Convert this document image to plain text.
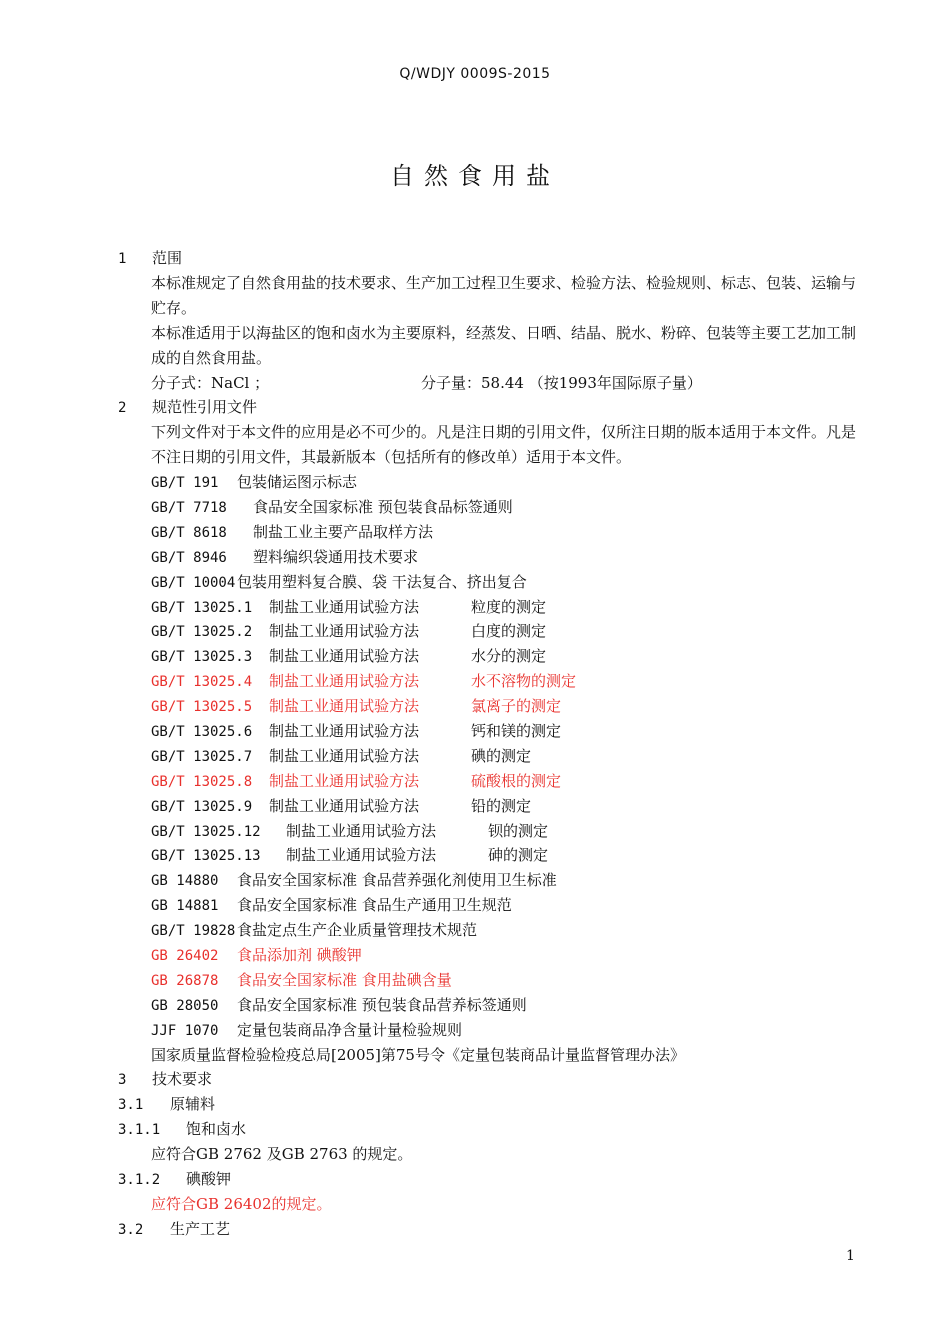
Q/WDJY 0009S-2015
自然食用盐
1 范围
本标准规定了自然食用盐的技术要求、生产加工过程卫生要求、检验方法、检验规则、标志、包装、运输与贮存。
本标准适用于以海盐区的饱和卤水为主要原料，经蒸发、日晒、结晶、脱水、粉碎、包装等主要工艺加工制成的自然食用盐。
分子式：NaCl ；	分子量：58.44 （按1993年国际原子量）
2 规范性引用文件
下列文件对于本文件的应用是必不可少的。凡是注日期的引用文件，仅所注日期的版本适用于本文件。凡是不注日期的引用文件，其最新版本（包括所有的修改单）适用于本文件。
GB/T 191 包装储运图示标志
GB/T 7718 食品安全国家标准 预包装食品标签通则
GB/T 8618 制盐工业主要产品取样方法
GB/T 8946 塑料编织袋通用技术要求
GB/T 10004 包装用塑料复合膜、袋 干法复合、挤出复合
GB/T 13025.1 制盐工业通用试验方法	粒度的测定
GB/T 13025.2 制盐工业通用试验方法	白度的测定
GB/T 13025.3 制盐工业通用试验方法	水分的测定
GB/T 13025.4 制盐工业通用试验方法	水不溶物的测定
GB/T 13025.5 制盐工业通用试验方法	氯离子的测定
GB/T 13025.6 制盐工业通用试验方法	钙和镁的测定
GB/T 13025.7 制盐工业通用试验方法	碘的测定
GB/T 13025.8 制盐工业通用试验方法	硫酸根的测定
GB/T 13025.9 制盐工业通用试验方法	铅的测定
GB/T 13025.12 制盐工业通用试验方法	钡的测定
GB/T 13025.13 制盐工业通用试验方法	砷的测定
GB 14880 食品安全国家标准 食品营养强化剂使用卫生标准
GB 14881 食品安全国家标准 食品生产通用卫生规范
GB/T 19828 食盐定点生产企业质量管理技术规范
GB 26402 食品添加剂 碘酸钾
GB 26878 食品安全国家标准 食用盐碘含量
GB 28050 食品安全国家标准 预包装食品营养标签通则
JJF 1070 定量包装商品净含量计量检验规则
国家质量监督检验检疫总局[2005]第75号令《定量包装商品计量监督管理办法》
3 技术要求
3.1 原辅料
3.1.1 饱和卤水
应符合GB 2762 及GB 2763 的规定。
3.1.2 碘酸钾
应符合GB 26402的规定。
3.2 生产工艺
1
